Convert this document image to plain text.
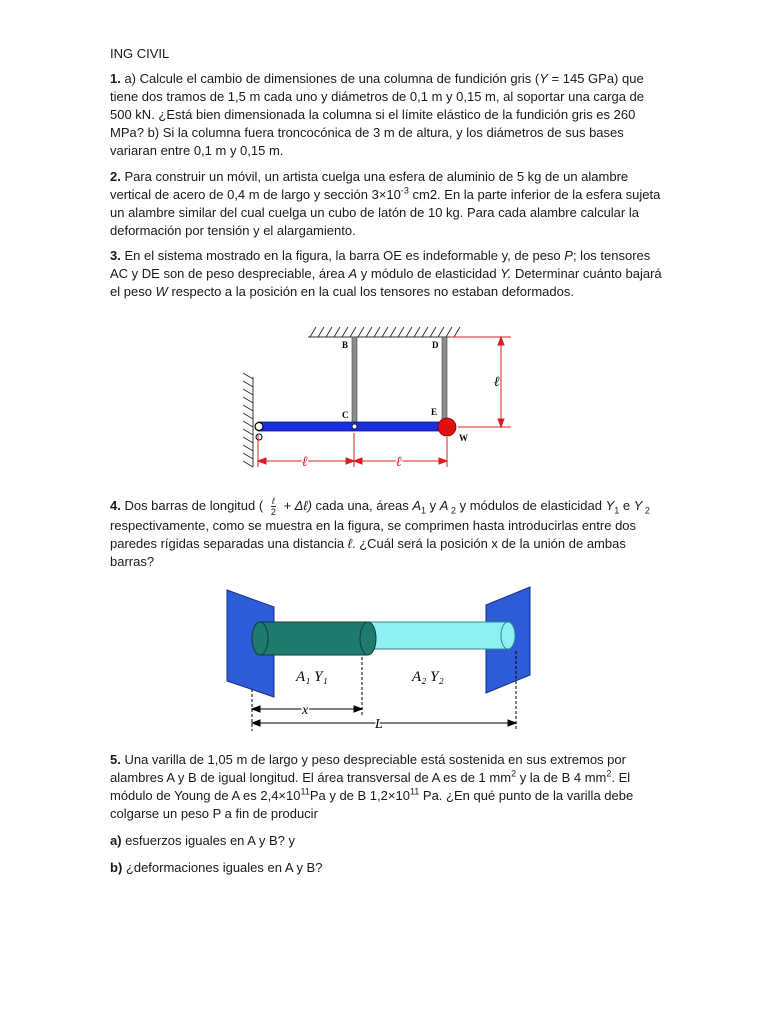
ING CIVIL

1. a) Calcule el cambio de dimensiones de una columna de fundición gris (Y = 145 GPa) que tiene dos tramos de 1,5 m cada uno y diámetros de 0,1 m y 0,15 m, al soportar una carga de 500 kN. ¿Está bien dimensionada la columna si el límite elástico de la fundición gris es 260 MPa? b) Si la columna fuera troncocónica de 3 m de altura, y los diámetros de sus bases variaran entre 0,1 m y 0,15 m.

2. Para construir un móvil, un artista cuelga una esfera de aluminio de 5 kg de un alambre vertical de acero de 0,4 m de largo y sección $3\times 10^{-3}$ cm2. En la parte inferior de la esfera sujeta un alambre similar del cual cuelga un cubo de latón de 10 kg. Para cada alambre calcular la deformación por tensión y el alargamiento.

3. En el sistema mostrado en la figura, la barra OE es indeformable y, de peso P; los tensores AC y DE son de peso despreciable, área A y módulo de elasticidad Y. Determinar cuánto bajará el peso W respecto a la posición en la cual los tensores no estaban deformados.

B	D
C	E
W
ℓ
ℓ	ℓ

4. Dos barras de longitud ( $\frac{\text{ℓ}}{2}$ + Δℓ) cada una, áreas $A_1$ y A $_2$ y módulos de elasticidad $Y_1$ e Y $_2$ respectivamente, como se muestra en la figura, se comprimen hasta introducirlas entre dos paredes rígidas separadas una distancia ℓ. ¿Cuál será la posición x de la unión de ambas barras?

A₁ Y₁	A₂ Y₂
x
L

5. Una varilla de 1,05 m de largo y peso despreciable está sostenida en sus extremos por alambres A y B de igual longitud. El área transversal de A es de 1 $mm^2$ y la de B 4 $mm^2$. El módulo de Young de A es $2,4\times 10^{11}Pa$ y de B $1,2\times 10^{11}$ Pa. ¿En qué punto de la varilla debe colgarse un peso P a fin de producir

a) esfuerzos iguales en A y B? y

b) ¿deformaciones iguales en A y B?
